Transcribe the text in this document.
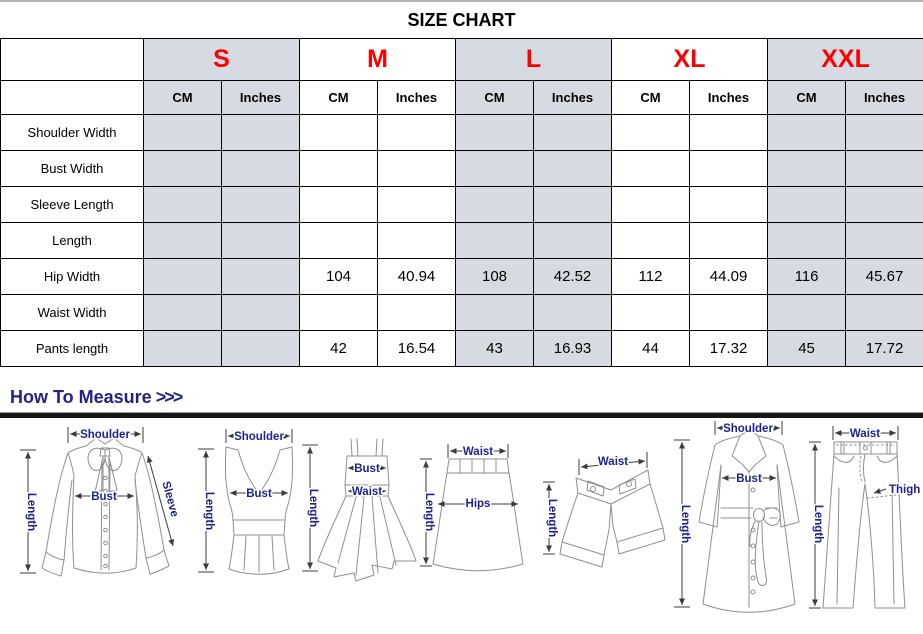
SIZE CHART
	S		M		L		XL		XXL	
	CM	Inches	CM	Inches	CM	Inches	CM	Inches	CM	Inches
Shoulder Width										
Bust Width										
Sleeve Length										
Length										
Hip Width			104	40.94	108	42.52	112	44.09	116	45.67
Waist Width										
Pants length			42	16.54	43	16.93	44	17.32	45	17.72
How To Measure >>>
Shoulder
Length	Bust	Sleeve
Shoulder
Length	Bust	Length
Bust
Waist
Waist
Hips
Length
Waist
Length
Shoulder
Length
Bust
Waist
Length
Thigh
